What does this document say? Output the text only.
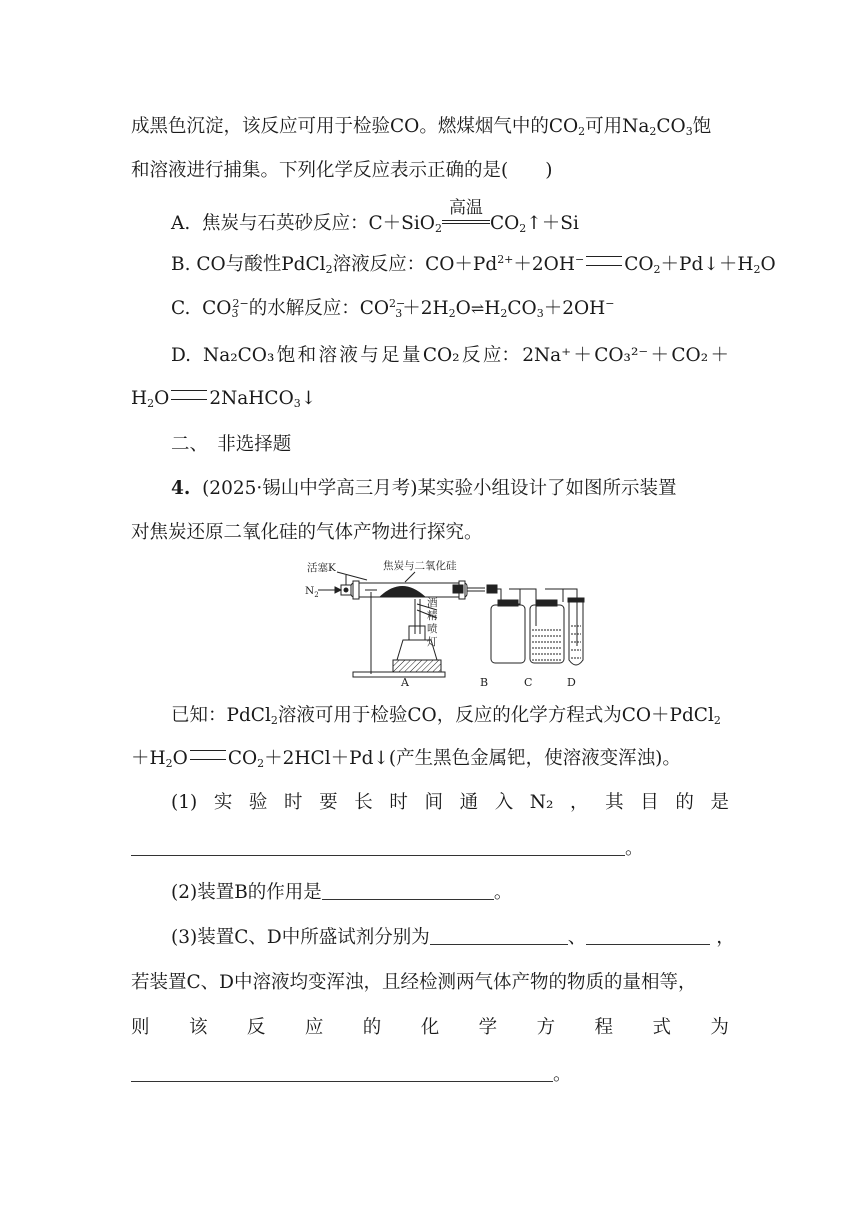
成黑色沉淀，该反应可用于检验CO。燃煤烟气中的$CO_2$可用$Na_2CO_3$饱
和溶液进行捕集。下列化学反应表示正确的是(　　)
A. 焦炭与石英砂反应：C＋SiO$_2$
高温
$CO_2↑+Si$
B. CO与酸性PdCl$_2$溶液反应：$CO+Pd^{2+}+2OH^-$ $CO_2+Pd↓+H_2O$
C. $CO_3^{2-}$的水解反应：$CO^{2-}_3+2H_2O\rightleftharpoons H_2CO_3+2OH^-$
D. Na₂CO₃ 饱 和 溶 液 与 足 量 CO₂ 反 应： 2Na⁺ ＋ CO₃²⁻ ＋ CO₂ ＋
$H_2O$ 2NaHCO$_3$↓
二、　非选择题
4. (2025·锡山中学高三月考)某实验小组设计了如图所示装置
对焦炭还原二氧化硅的气体产物进行探究。
活塞K	焦炭与二氧化硅
$N_2$
酒
精
喷
灯
A	B	C	D
已知：PdCl$_2$溶液可用于检验CO，反应的化学方程式为CO＋PdCl$_2$
$+H_2O$ $CO_2+2HCl+Pd↓$(产生黑色金属钯，使溶液变浑浊)。
(1) 实 验 时 要 长 时 间 通 入 N₂ ， 其 目 的 是
。
(2)装置B的作用是	。
(3)装置C、D中所盛试剂分别为	、	，
若装置C、D中溶液均变浑浊，且经检测两气体产物的物质的量相等，
则 该 反 应 的 化 学 方 程 式 为
。
